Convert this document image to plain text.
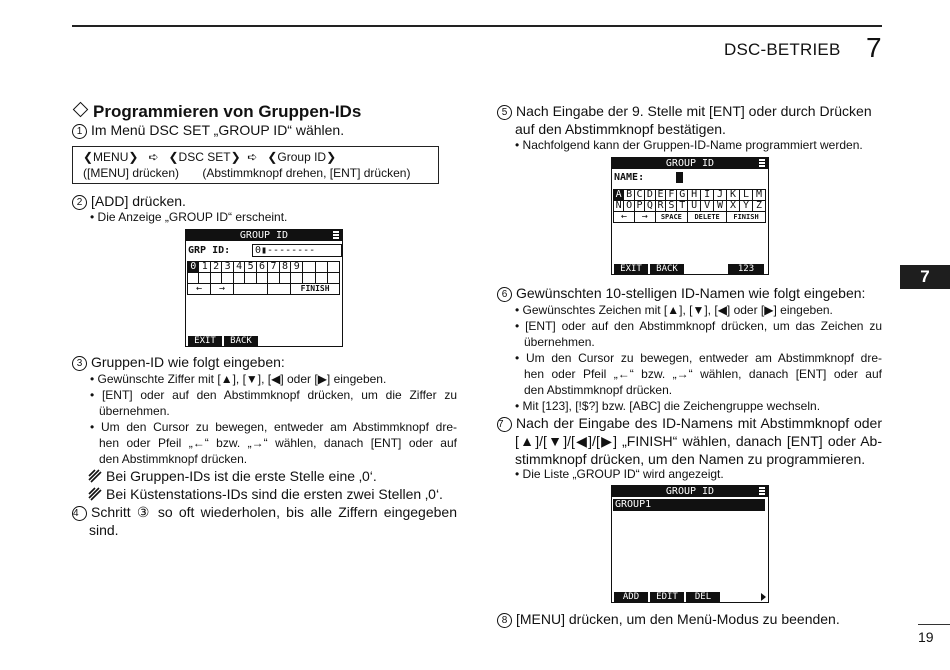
DSC-BETRIEB 7
7
19
Programmieren von Gruppen-IDs
1 Im Menü DSC SET „GROUP ID“ wählen.
❮MENU❯   ➪   ❮DSC SET❯  ➪   ❮Group ID❯
([MENU] drücken)       (Abstimmknopf drehen, [ENT] drücken)
2 [ADD] drücken.
• Die Anzeige „GROUP ID“ erscheint.
GROUP ID
GRP ID:	0▮--------
0	1	2	3	4	5	6	7	8	9			

←		→							FINISH			
EXIT	BACK
3 Gruppen-ID wie folgt eingeben:
• Gewünschte Ziffer mit [▲], [▼], [◀] oder [▶] eingeben.
• [ENT] oder auf den Abstimmknopf drücken, um die Ziffer zu
übernehmen.
• Um den Cursor zu bewegen, entweder am Abstimmknopf dre-
hen oder Pfeil „←“ bzw. „→“ wählen, danach [ENT] oder auf
den Abstimmknopf drücken.
Bei Gruppen-IDs ist die erste Stelle eine ‚0‘.
Bei Küstenstations-IDs sind die ersten zwei Stellen ‚0‘.
4 Schritt ③ so oft wiederholen, bis alle Ziffern eingegeben
sind.
5 Nach Eingabe der 9. Stelle mit [ENT] oder durch Drücken
auf den Abstimmknopf bestätigen.
• Nachfolgend kann der Gruppen-ID-Name programmiert werden.
GROUP ID
NAME:
A	B	C	D	E	F	G	H	I	J	K	L	M
N	O	P	Q	R	S	T	U	V	W	X	Y	Z
←		→		SPACE			DELETE			FINISH		
EXIT	BACK	123
6 Gewünschten 10-stelligen ID-Namen wie folgt eingeben:
• Gewünschtes Zeichen mit [▲], [▼], [◀] oder [▶] eingeben.
• [ENT] oder auf den Abstimmknopf drücken, um das Zeichen zu
übernehmen.
• Um den Cursor zu bewegen, entweder am Abstimmknopf dre-
hen oder Pfeil „←“ bzw. „→“ wählen, danach [ENT] oder auf
den Abstimmknopf drücken.
• Mit [123], [!$?] bzw. [ABC] die Zeichengruppe wechseln.
7 Nach der Eingabe des ID-Namens mit Abstimmknopf oder
[▲]/[▼]/[◀]/[▶] „FINISH“ wählen, danach [ENT] oder Ab-
stimmknopf drücken, um den Namen zu programmieren.
• Die Liste „GROUP ID“ wird angezeigt.
GROUP ID
GROUP1
ADD	EDIT	DEL
8 [MENU] drücken, um den Menü-Modus zu beenden.
